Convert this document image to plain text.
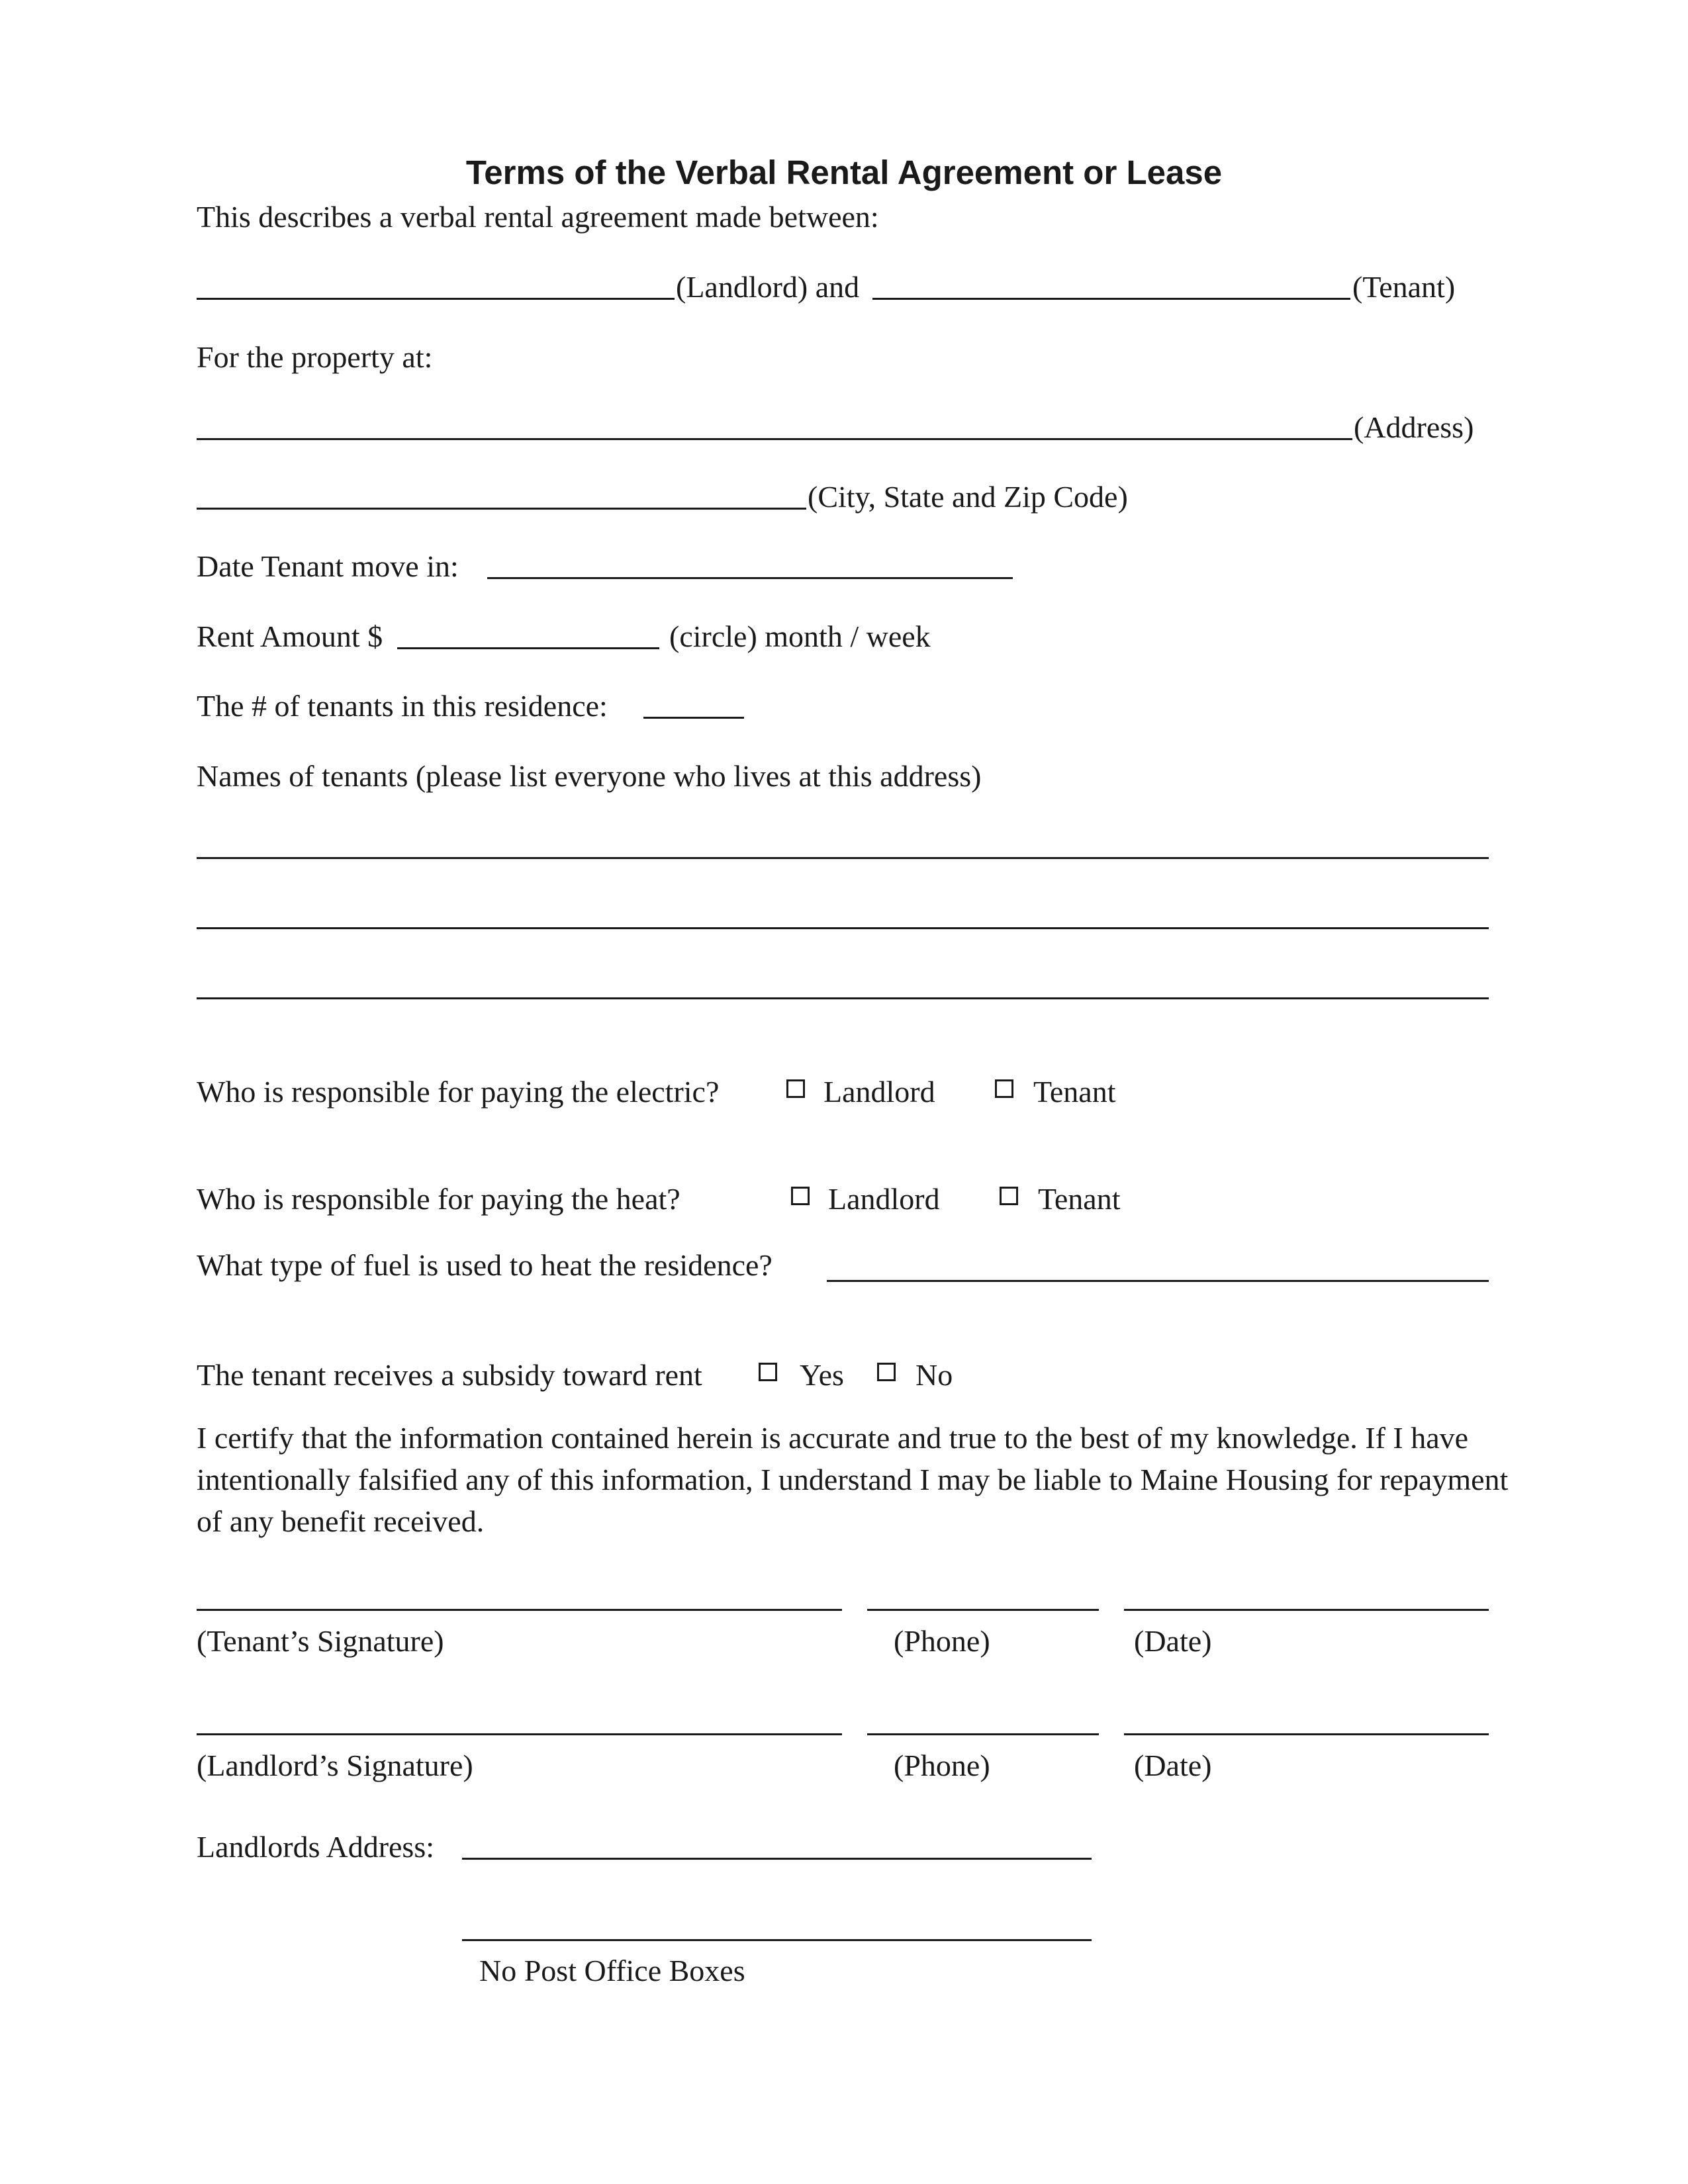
Terms of the Verbal Rental Agreement or Lease
This describes a verbal rental agreement made between:
(Landlord) and	(Tenant)
For the property at:
(Address)
(City, State and Zip Code)
Date Tenant move in:
Rent Amount $	(circle) month / week
The # of tenants in this residence:
Names of tenants (please list everyone who lives at this address)
Who is responsible for paying the electric?	Landlord	Tenant
Who is responsible for paying the heat?	Landlord	Tenant
What type of fuel is used to heat the residence?
The tenant receives a subsidy toward rent	Yes No
I certify that the information contained herein is accurate and true to the best of my knowledge. If I have intentionally falsified any of this information, I understand I may be liable to Maine Housing for repayment of any benefit received.
(Tenant’s Signature)	(Phone)	(Date)
(Landlord’s Signature)	(Phone)	(Date)
Landlords Address:
No Post Office Boxes
